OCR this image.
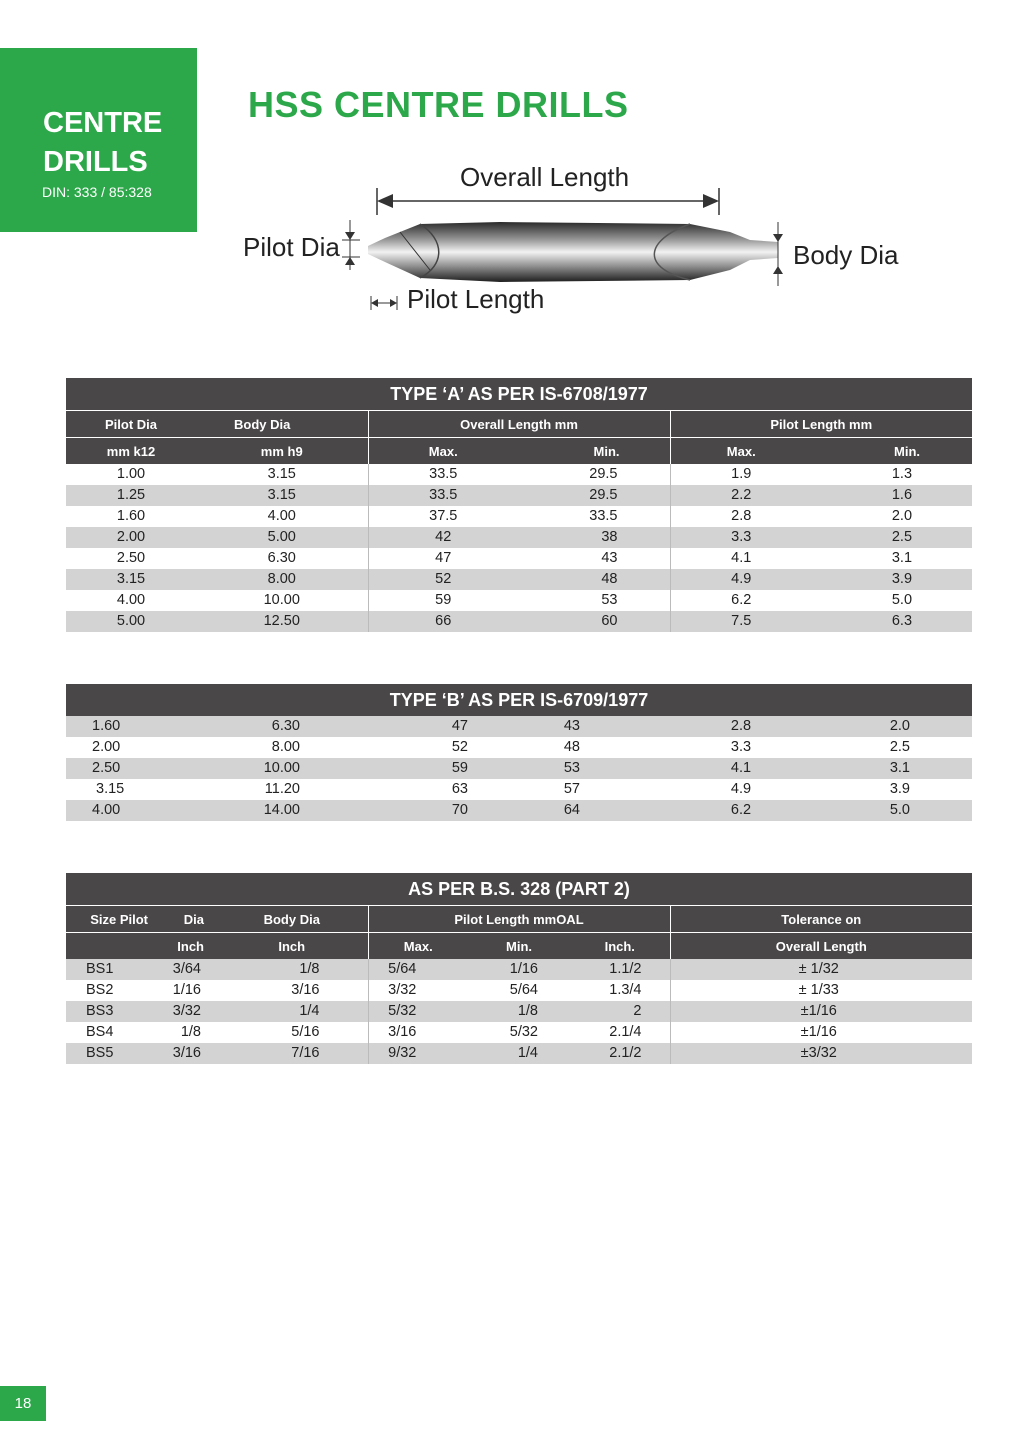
CENTRE
DRILLS
DIN: 333 / 85:328
HSS CENTRE DRILLS
Overall Length
Pilot Dia	Body Dia
Pilot Length
TYPE ‘A’ AS PER IS-6708/1977					
Pilot Dia	Body Dia	Overall Length mm		Pilot Length mm	
mm k12	mm h9	Max.	Min.	Max.	Min.
1.00	3.15	33.5	29.5	1.9	1.3
1.25	3.15	33.5	29.5	2.2	1.6
1.60	4.00	37.5	33.5	2.8	2.0
2.00	5.00	42	38	3.3	2.5
2.50	6.30	47	43	4.1	3.1
3.15	8.00	52	48	4.9	3.9
4.00	10.00	59	53	6.2	5.0
5.00	12.50	66	60	7.5	6.3
TYPE ‘B’ AS PER IS-6709/1977					
1.60	6.30	47	43	2.8	2.0
2.00	8.00	52	48	3.3	2.5
2.50	10.00	59	53	4.1	3.1
3.15	11.20	63	57	4.9	3.9
4.00	14.00	70	64	6.2	5.0
AS PER B.S. 328 (PART 2)						
Size Pilot	Dia	Body Dia	Pilot Length mmOAL			Tolerance on
	Inch	Inch	Max.	Min.	Inch.	Overall Length
BS1	3/64	1/8	5/64	1/16	1.1/2	± 1/32
BS2	1/16	3/16	3/32	5/64	1.3/4	± 1/33
BS3	3/32	1/4	5/32	1/8	2	±1/16
BS4	1/8	5/16	3/16	5/32	2.1/4	±1/16
BS5	3/16	7/16	9/32	1/4	2.1/2	±3/32
18
